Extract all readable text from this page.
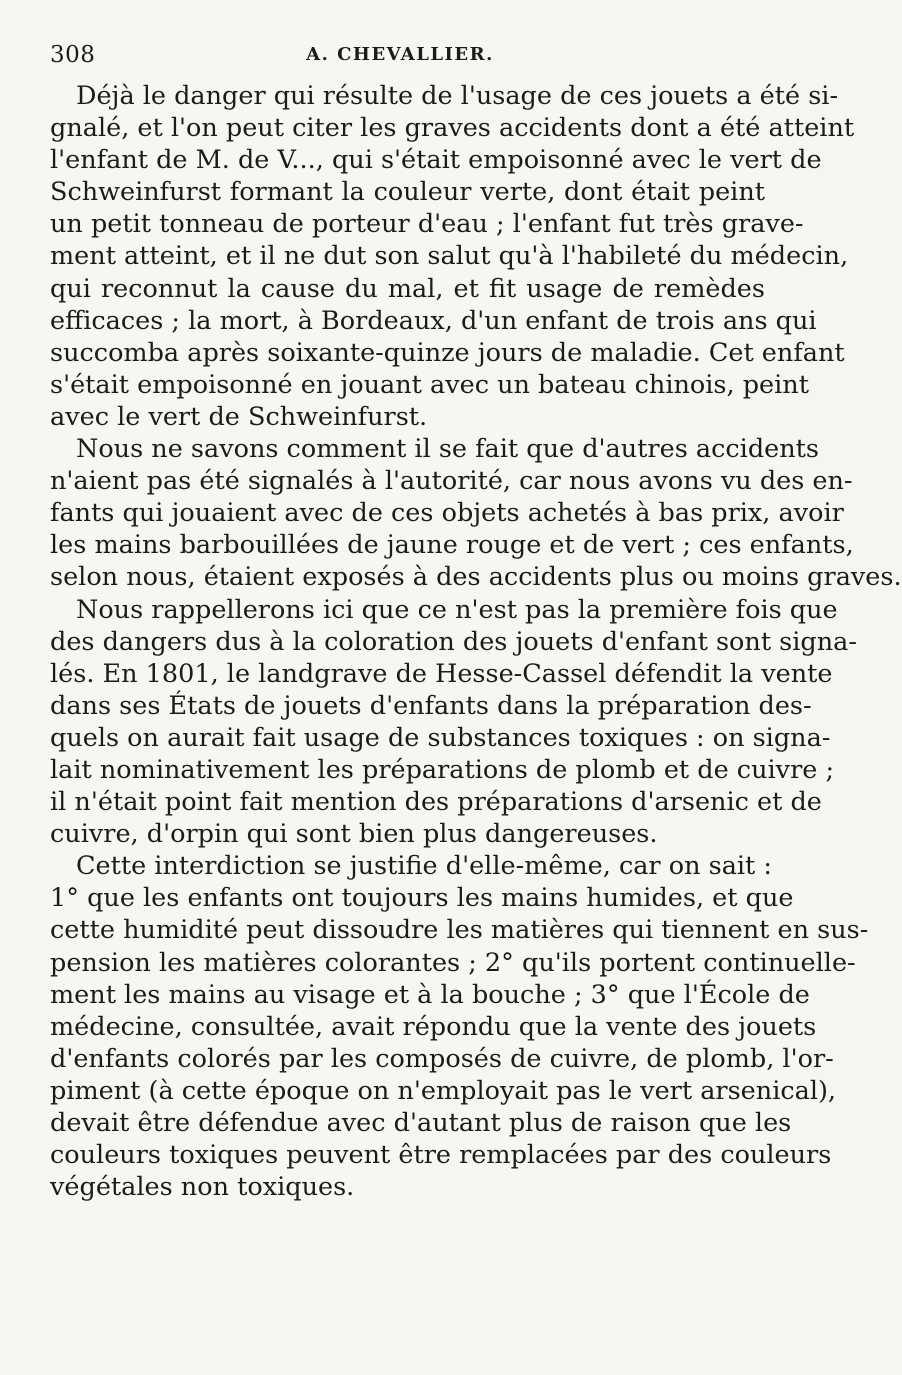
308	A. CHEVALLIER.
Déjà le danger qui résulte de l'usage de ces jouets a été si-
gnalé, et l'on peut citer les graves accidents dont a été atteint
l'enfant de M. de V..., qui s'était empoisonné avec le vert de
Schweinfurst formant la couleur verte, dont était peint
un petit tonneau de porteur d'eau ; l'enfant fut très grave-
ment atteint, et il ne dut son salut qu'à l'habileté du médecin,
qui reconnut la cause du mal, et fit usage de remèdes
efficaces ; la mort, à Bordeaux, d'un enfant de trois ans qui
succomba après soixante-quinze jours de maladie. Cet enfant
s'était empoisonné en jouant avec un bateau chinois, peint
avec le vert de Schweinfurst.
Nous ne savons comment il se fait que d'autres accidents
n'aient pas été signalés à l'autorité, car nous avons vu des en-
fants qui jouaient avec de ces objets achetés à bas prix, avoir
les mains barbouillées de jaune rouge et de vert ; ces enfants,
selon nous, étaient exposés à des accidents plus ou moins graves.
Nous rappellerons ici que ce n'est pas la première fois que
des dangers dus à la coloration des jouets d'enfant sont signa-
lés. En 1801, le landgrave de Hesse-Cassel défendit la vente
dans ses États de jouets d'enfants dans la préparation des-
quels on aurait fait usage de substances toxiques : on signa-
lait nominativement les préparations de plomb et de cuivre ;
il n'était point fait mention des préparations d'arsenic et de
cuivre, d'orpin qui sont bien plus dangereuses.
Cette interdiction se justifie d'elle-même, car on sait :
1° que les enfants ont toujours les mains humides, et que
cette humidité peut dissoudre les matières qui tiennent en sus-
pension les matières colorantes ; 2° qu'ils portent continuelle-
ment les mains au visage et à la bouche ; 3° que l'École de
médecine, consultée, avait répondu que la vente des jouets
d'enfants colorés par les composés de cuivre, de plomb, l'or-
piment (à cette époque on n'employait pas le vert arsenical),
devait être défendue avec d'autant plus de raison que les
couleurs toxiques peuvent être remplacées par des couleurs
végétales non toxiques.
